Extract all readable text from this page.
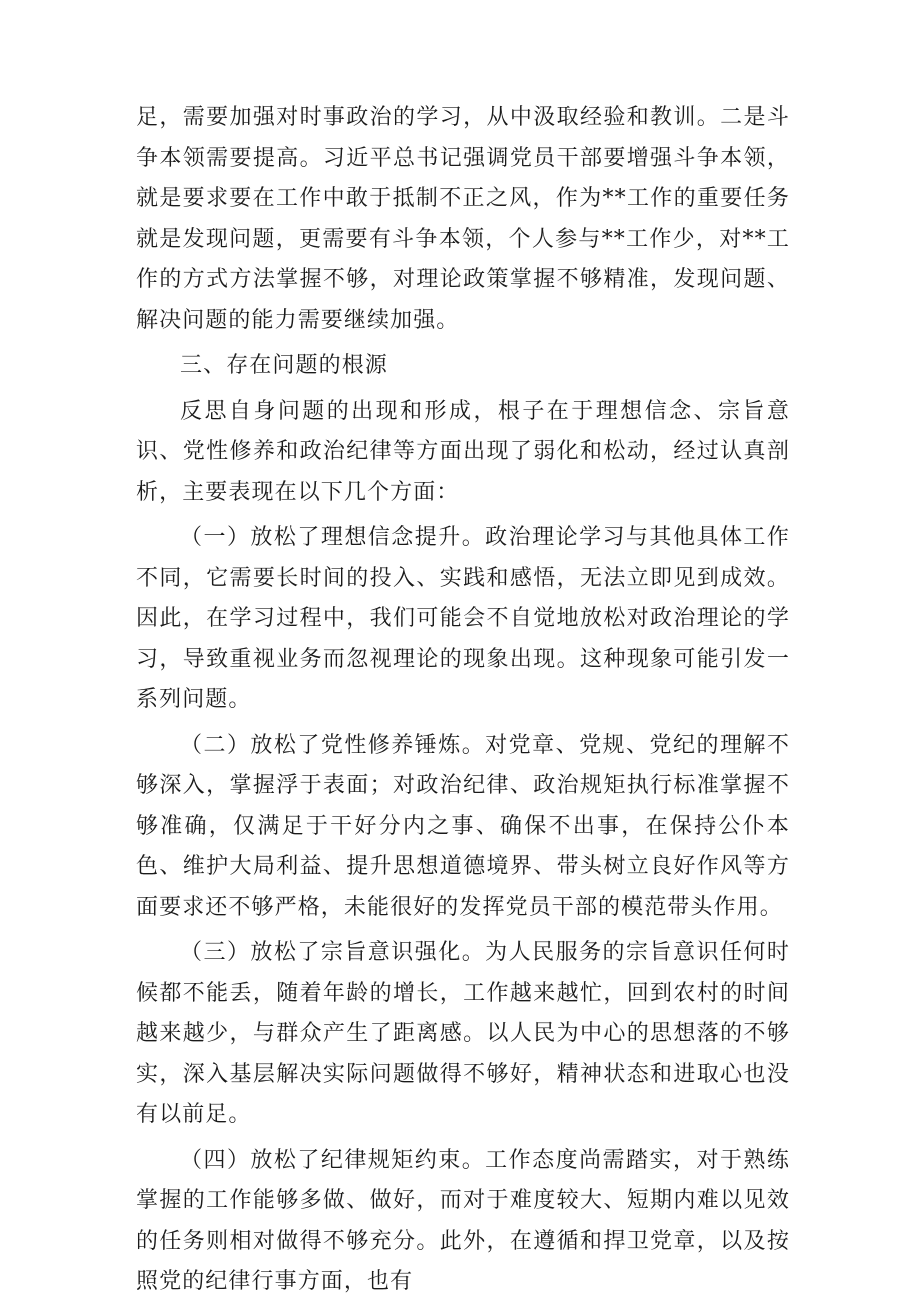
足，需要加强对时事政治的学习，从中汲取经验和教训。二是斗争本领需要提高。习近平总书记强调党员干部要增强斗争本领，就是要求要在工作中敢于抵制不正之风，作为**工作的重要任务就是发现问题，更需要有斗争本领，个人参与**工作少，对**工作的方式方法掌握不够，对理论政策掌握不够精准，发现问题、解决问题的能力需要继续加强。

三、存在问题的根源

反思自身问题的出现和形成，根子在于理想信念、宗旨意识、党性修养和政治纪律等方面出现了弱化和松动，经过认真剖析，主要表现在以下几个方面：

（一）放松了理想信念提升。政治理论学习与其他具体工作不同，它需要长时间的投入、实践和感悟，无法立即见到成效。因此，在学习过程中，我们可能会不自觉地放松对政治理论的学习，导致重视业务而忽视理论的现象出现。这种现象可能引发一系列问题。

（二）放松了党性修养锤炼。对党章、党规、党纪的理解不够深入，掌握浮于表面；对政治纪律、政治规矩执行标准掌握不够准确，仅满足于干好分内之事、确保不出事，在保持公仆本色、维护大局利益、提升思想道德境界、带头树立良好作风等方面要求还不够严格，未能很好的发挥党员干部的模范带头作用。

（三）放松了宗旨意识强化。为人民服务的宗旨意识任何时候都不能丢，随着年龄的增长，工作越来越忙，回到农村的时间越来越少，与群众产生了距离感。以人民为中心的思想落的不够实，深入基层解决实际问题做得不够好，精神状态和进取心也没有以前足。

（四）放松了纪律规矩约束。工作态度尚需踏实，对于熟练掌握的工作能够多做、做好，而对于难度较大、短期内难以见效的任务则相对做得不够充分。此外，在遵循和捍卫党章，以及按照党的纪律行事方面，也有
